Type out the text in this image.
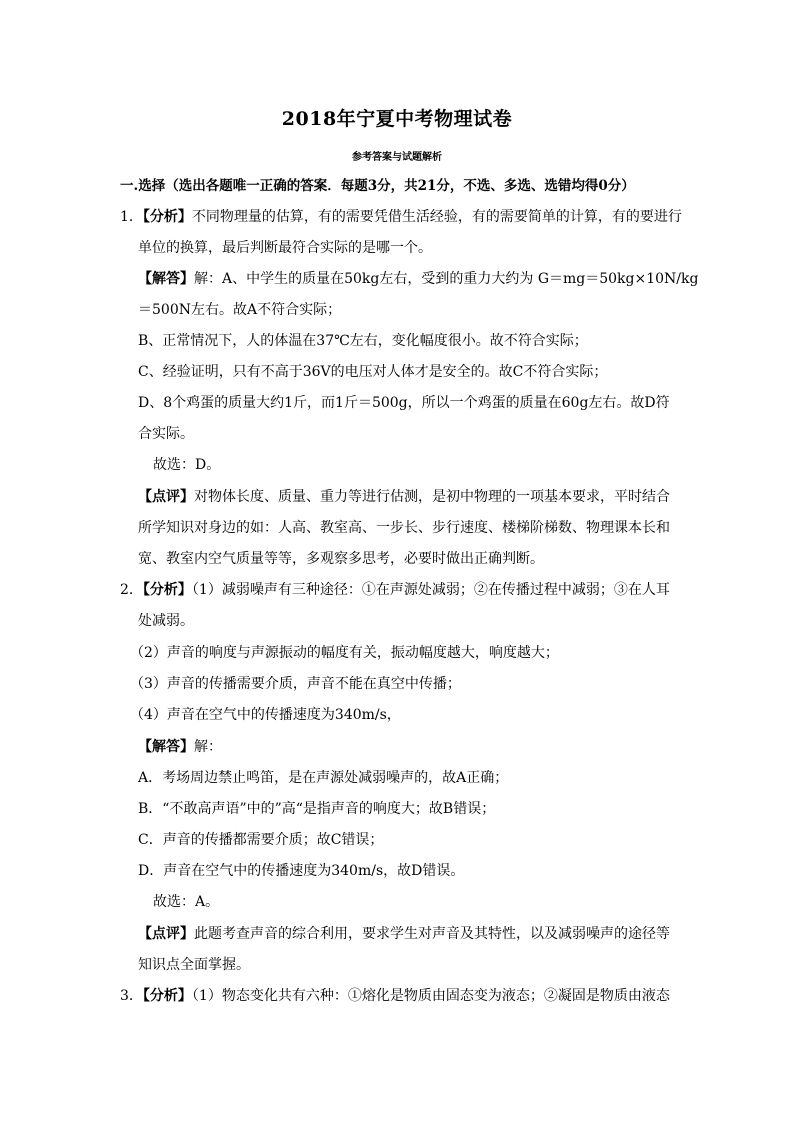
2018年宁夏中考物理试卷
参考答案与试题解析
一.选择（选出各题唯一正确的答案．每题3分，共21分，不选、多选、选错均得0分）
1．【分析】不同物理量的估算，有的需要凭借生活经验，有的需要简单的计算，有的要进行
单位的换算，最后判断最符合实际的是哪一个。
【解答】解：A、中学生的质量在50kg左右，受到的重力大约为 G＝mg＝50kg×10N/kg
＝500N左右。故A不符合实际；
B、正常情况下，人的体温在37℃左右，变化幅度很小。故不符合实际；
C、经验证明，只有不高于36V的电压对人体才是安全的。故C不符合实际；
D、8个鸡蛋的质量大约1斤，而1斤＝500g，所以一个鸡蛋的质量在60g左右。故D符
合实际。
故选：D。
【点评】对物体长度、质量、重力等进行估测，是初中物理的一项基本要求，平时结合
所学知识对身边的如：人高、教室高、一步长、步行速度、楼梯阶梯数、物理课本长和
宽、教室内空气质量等等，多观察多思考，必要时做出正确判断。
2．【分析】（1）减弱噪声有三种途径：①在声源处减弱；②在传播过程中减弱；③在人耳
处减弱。
（2）声音的响度与声源振动的幅度有关，振动幅度越大，响度越大；
（3）声音的传播需要介质，声音不能在真空中传播；
（4）声音在空气中的传播速度为340m/s，
【解答】解：
A．考场周边禁止鸣笛，是在声源处减弱噪声的，故A正确；
B．“不敢高声语”中的”高“是指声音的响度大；故B错误；
C．声音的传播都需要介质；故C错误；
D．声音在空气中的传播速度为340m/s，故D错误。
故选：A。
【点评】此题考查声音的综合利用，要求学生对声音及其特性，以及减弱噪声的途径等
知识点全面掌握。
3．【分析】（1）物态变化共有六种：①熔化是物质由固态变为液态；②凝固是物质由液态
